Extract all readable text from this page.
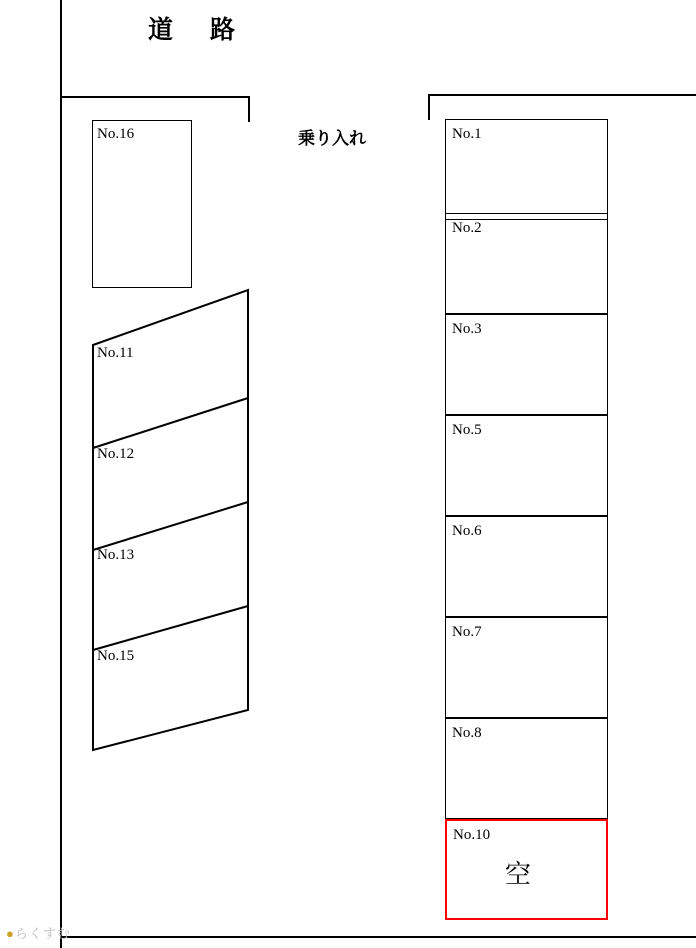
道　路
乗り入れ
No.16
No.11
No.12
No.13
No.15
No.1
No.2
No.3
No.5
No.6
No.7
No.8
No.10
空
●らくすむ
